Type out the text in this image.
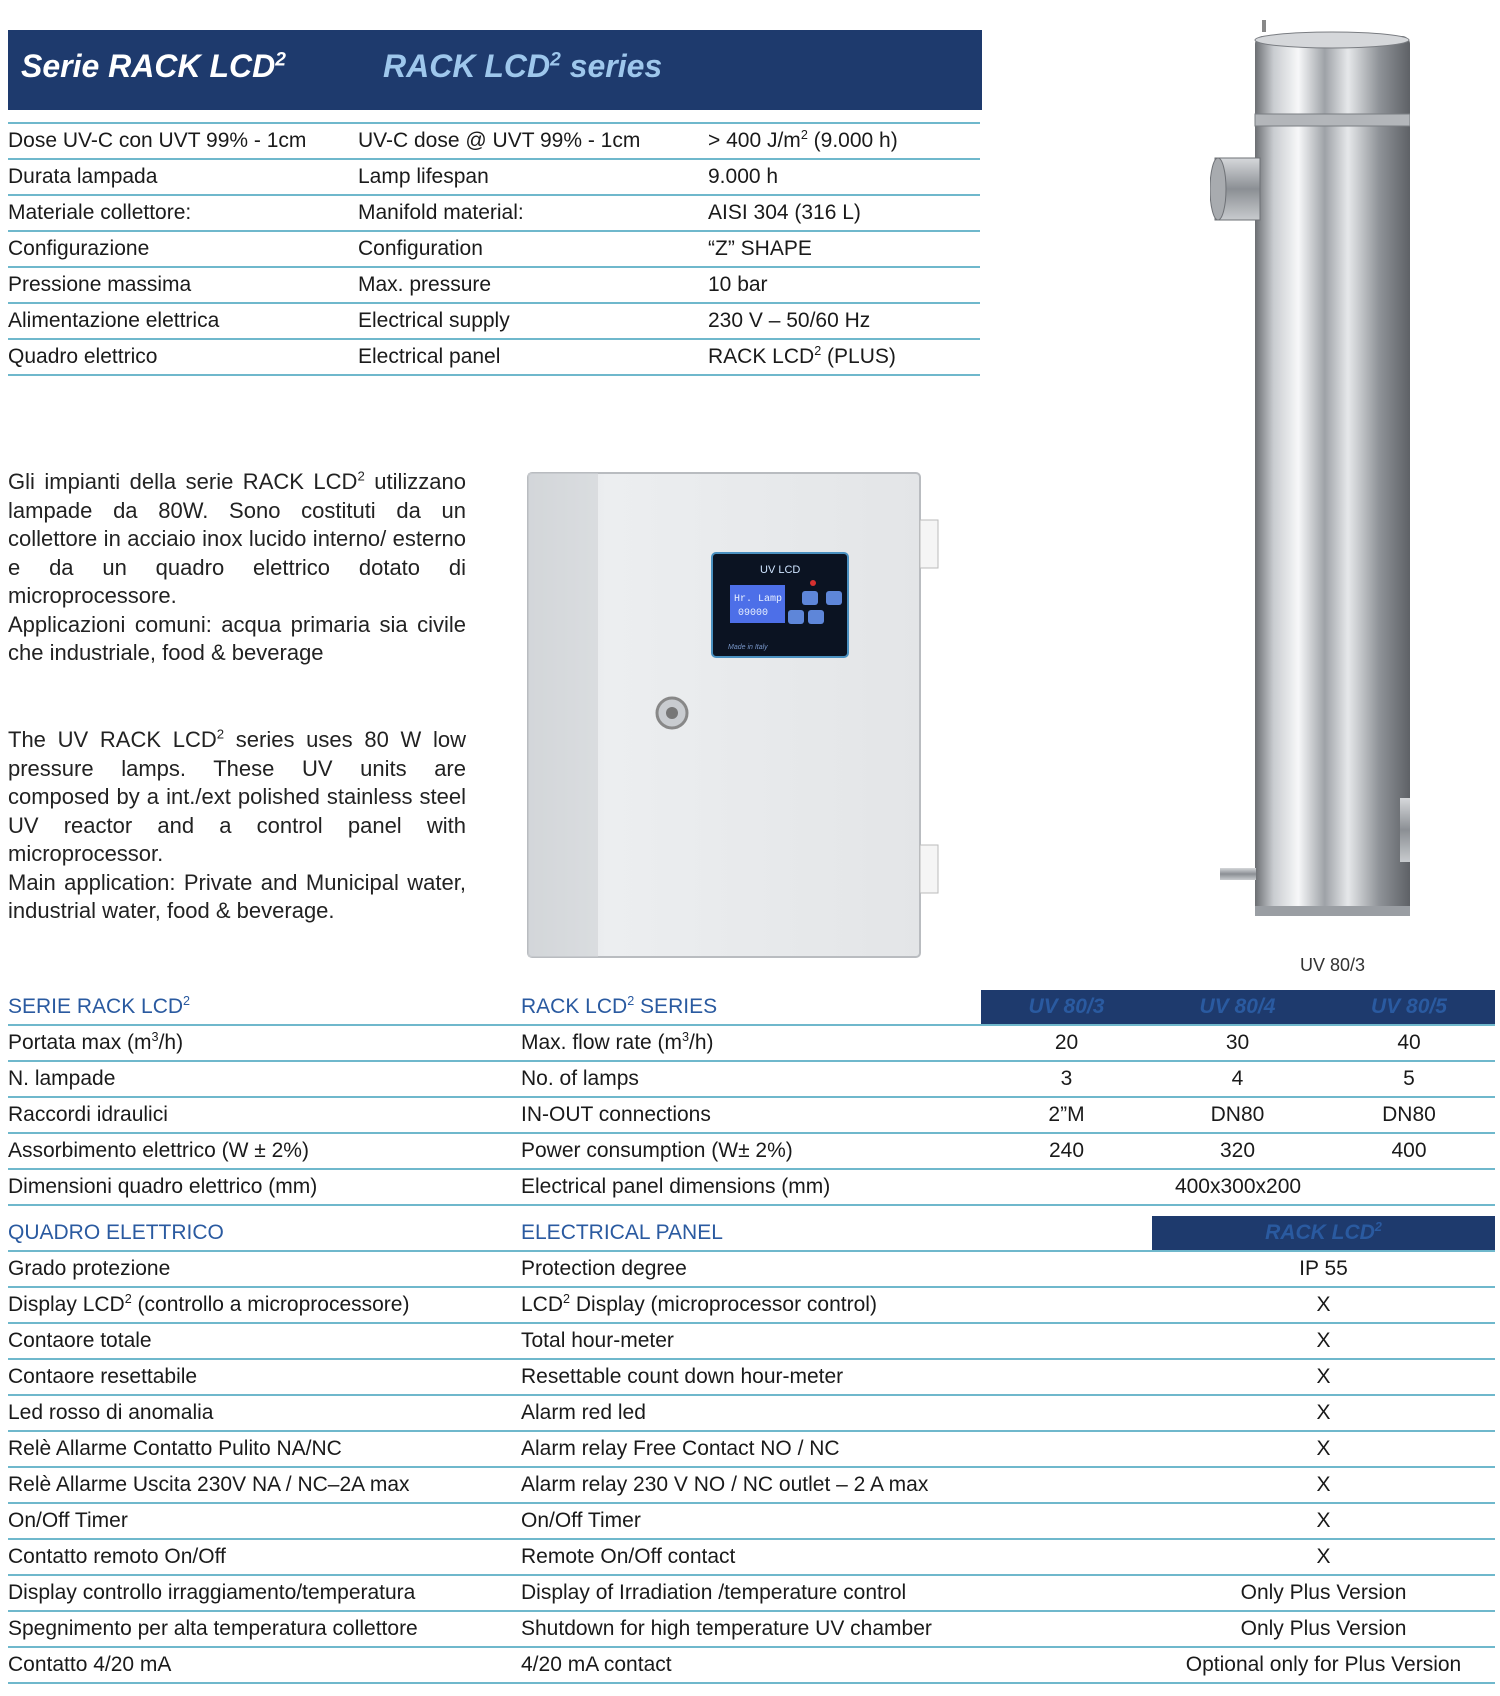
Serie RACK LCD$^2$	RACK LCD$^2$ series
Dose UV-C con UVT 99% - 1cm	UV-C dose @ UVT 99% - 1cm	> 400 $J/m^2$ (9.000 h)
Durata lampada	Lamp lifespan	9.000 h
Materiale collettore:	Manifold material:	AISI 304 (316 L)
Configurazione	Configuration	“Z” SHAPE
Pressione massima	Max. pressure	10 bar
Alimentazione elettrica	Electrical supply	230 V – 50/60 Hz
Quadro elettrico	Electrical panel	RACK LCD$^2$ (PLUS)

Gli impianti della serie RACK LCD$^2$ utilizzano lampade da 80W. Sono costituti da un collettore in acciaio inox lucido interno/ esterno e da un quadro elettrico dotato di microprocessore.

Applicazioni comuni: acqua primaria sia civile che industriale, food & beverage

The UV RACK LCD$^2$ series uses 80 W low pressure lamps. These UV units are composed by a int./ext polished stainless steel UV reactor and a control panel with microprocessor.

Main application: Private and Municipal water, industrial water, food & beverage.

UV LCD
Hr. Lamp
09000
Made in Italy
UV 80/3
SERIE RACK LCD$^2$	RACK LCD$^2$ SERIES	UV 80/3	UV 80/4	UV 80/5
Portata $\max (m^3/h)$	Max. flow rate $(m^3/h)$	20	30	40
N. lampade	No. of lamps	3	4	5
Raccordi idraulici	IN-OUT connections	2”M	DN80	DN80
Assorbimento elettrico (W ± 2%)	Power consumption (W± 2%)	240	320	400
Dimensioni quadro elettrico (mm)	Electrical panel dimensions (mm)	400x300x200		

QUADRO ELETTRICO	ELECTRICAL PANEL		RACK LCD$^2$
Grado protezione	Protection degree		IP 55	
Display LCD$^2$ (controllo a microprocessore)	LCD$^2$ Display (microprocessor control)		X	
Contaore totale	Total hour-meter		X	
Contaore resettabile	Resettable count down hour-meter		X	
Led rosso di anomalia	Alarm red led		X	
Relè Allarme Contatto Pulito NA/NC	Alarm relay Free Contact NO / NC		X	
Relè Allarme Uscita 230V NA / NC–2A max	Alarm relay 230 V NO / NC outlet – 2 A max		X	
On/Off Timer	On/Off Timer		X	
Contatto remoto On/Off	Remote On/Off contact		X	
Display controllo irraggiamento/temperatura	Display of Irradiation /temperature control		Only Plus Version	
Spegnimento per alta temperatura collettore	Shutdown for high temperature UV chamber		Only Plus Version	
Contatto 4/20 mA	4/20 mA contact		Optional only for Plus Version	
